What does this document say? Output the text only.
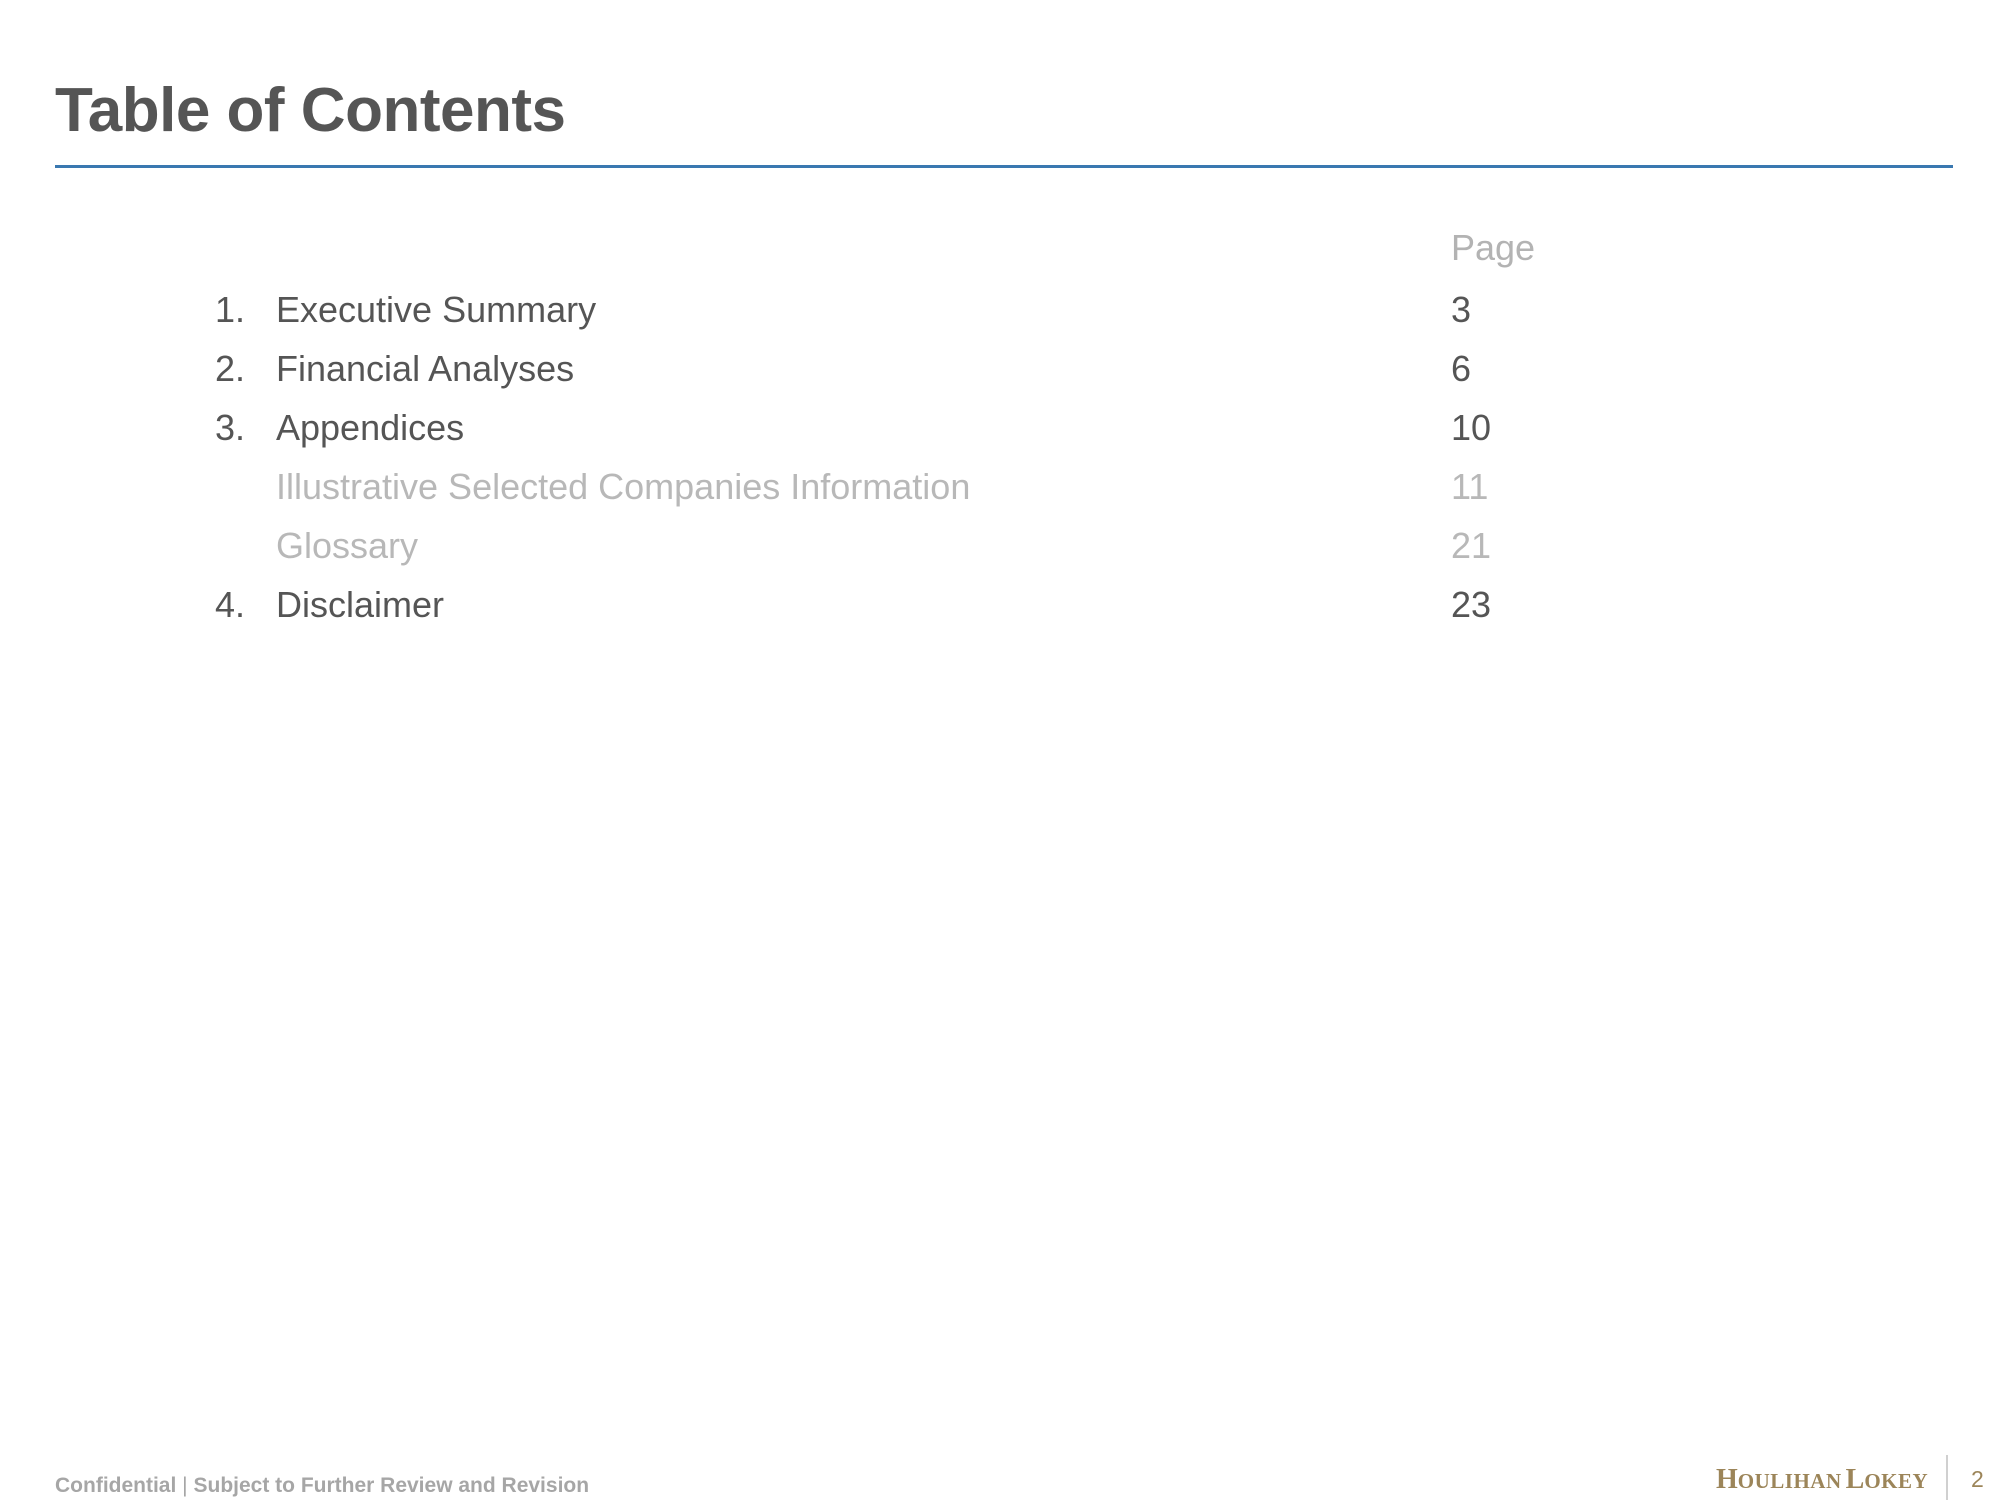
Table of Contents
Page
1. Executive Summary	3
2. Financial Analyses	6
3. Appendices	10
Illustrative Selected Companies Information	11
Glossary	21
4. Disclaimer	23
Confidential | Subject to Further Review and Revision	HOULIHAN LOKEY 2
